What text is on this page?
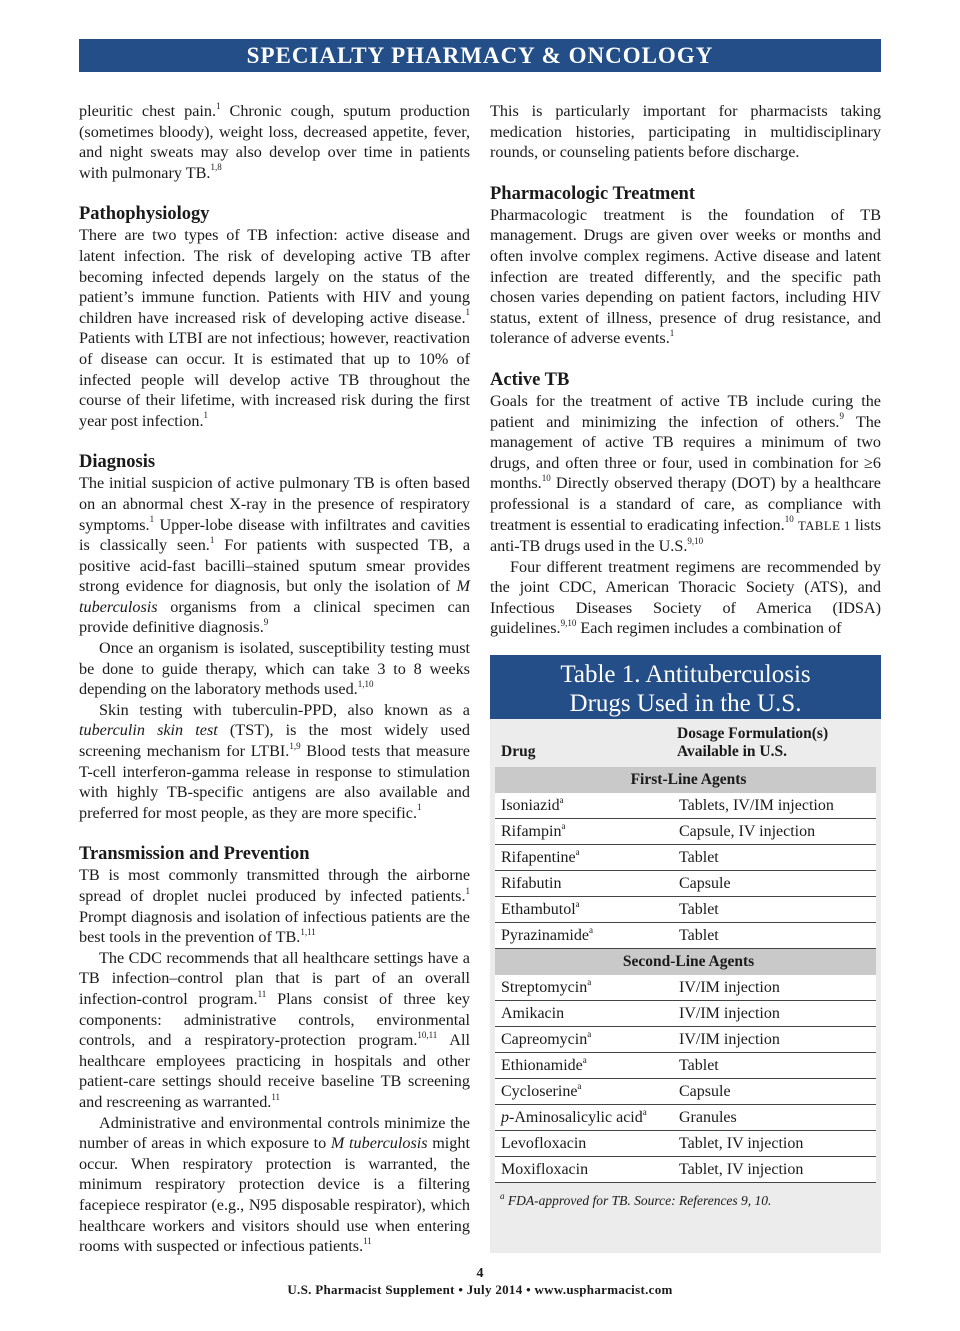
SPECIALTY PHARMACY & ONCOLOGY

pleuritic chest pain.$^1$ Chronic cough, sputum production (sometimes bloody), weight loss, decreased appetite, fever, and night sweats may also develop over time in patients with pulmonary TB.$^{1,8}$

Pathophysiology

There are two types of TB infection: active disease and latent infection. The risk of developing active TB after becoming infected depends largely on the status of the patient’s immune function. Patients with HIV and young children have increased risk of developing active disease.$^1$ Patients with LTBI are not infectious; however, reactivation of disease can occur. It is estimated that up to 10% of infected people will develop active TB throughout the course of their lifetime, with increased risk during the first year post infection.$^1$

Diagnosis

The initial suspicion of active pulmonary TB is often based on an abnormal chest X-ray in the presence of respiratory symptoms.$^1$ Upper-lobe disease with infiltrates and cavities is classically seen.$^1$ For patients with suspected TB, a positive acid-fast bacilli–stained sputum smear provides strong evidence for diagnosis, but only the isolation of M tuberculosis organisms from a clinical specimen can provide definitive diagnosis.$^9$

Once an organism is isolated, susceptibility testing must be done to guide therapy, which can take 3 to 8 weeks depending on the laboratory methods used.$^{1,10}$

Skin testing with tuberculin-PPD, also known as a tuberculin skin test (TST), is the most widely used screening mechanism for LTBI.$^{1,9}$ Blood tests that measure T-cell interferon-gamma release in response to stimulation with highly TB-specific antigens are also available and preferred for most people, as they are more specific.$^1$

Transmission and Prevention

TB is most commonly transmitted through the airborne spread of droplet nuclei produced by infected patients.$^1$ Prompt diagnosis and isolation of infectious patients are the best tools in the prevention of TB.$^{1,11}$

The CDC recommends that all healthcare settings have a TB infection–control plan that is part of an overall infection-control program.$^{11}$ Plans consist of three key components: administrative controls, environmental controls, and a respiratory-protection program.$^{10,11}$ All healthcare employees practicing in hospitals and other patient-care settings should receive baseline TB screening and rescreening as warranted.$^{11}$

Administrative and environmental controls minimize the number of areas in which exposure to M tuberculosis might occur. When respiratory protection is warranted, the minimum respiratory protection device is a filtering facepiece respirator (e.g., N95 disposable respirator), which healthcare workers and visitors should use when entering rooms with suspected or infectious patients.$^{11}$

This is particularly important for pharmacists taking medication histories, participating in multidisciplinary rounds, or counseling patients before discharge.

Pharmacologic Treatment

Pharmacologic treatment is the foundation of TB management. Drugs are given over weeks or months and often involve complex regimens. Active disease and latent infection are treated differently, and the specific path chosen varies depending on patient factors, including HIV status, extent of illness, presence of drug resistance, and tolerance of adverse events.$^1$

Active TB

Goals for the treatment of active TB include curing the patient and minimizing the infection of others.$^9$ The management of active TB requires a minimum of two drugs, and often three or four, used in combination for ≥6 months.$^{10}$ Directly observed therapy (DOT) by a healthcare professional is a standard of care, as compliance with treatment is essential to eradicating infection.$^{10}$ TABLE 1 lists anti-TB drugs used in the U.S.$^{9,10}$

Four different treatment regimens are recommended by the joint CDC, American Thoracic Society (ATS), and Infectious Diseases Society of America (IDSA) guidelines.$^{9,10}$ Each regimen includes a combination of

Table 1. Antituberculosis
Drugs Used in the U.S.
Drug	Dosage Formulation(s) Available in U.S.
First-Line Agents	
Isoniazid$^a$	Tablets, IV/IM injection
Rifampin$^a$	Capsule, IV injection
Rifapentine$^a$	Tablet
Rifabutin	Capsule
Ethambutol$^a$	Tablet
Pyrazinamide$^a$	Tablet
Second-Line Agents	
Streptomycin$^a$	IV/IM injection
Amikacin	IV/IM injection
Capreomycin$^a$	IV/IM injection
Ethionamide$^a$	Tablet
Cycloserine$^a$	Capsule
p-Aminosalicylic acid$^a$	Granules
Levofloxacin	Tablet, IV injection
Moxifloxacin	Tablet, IV injection
$^a$ FDA-approved for TB. Source: References 9, 10.
4
U.S. Pharmacist Supplement • July 2014 • www.uspharmacist.com
